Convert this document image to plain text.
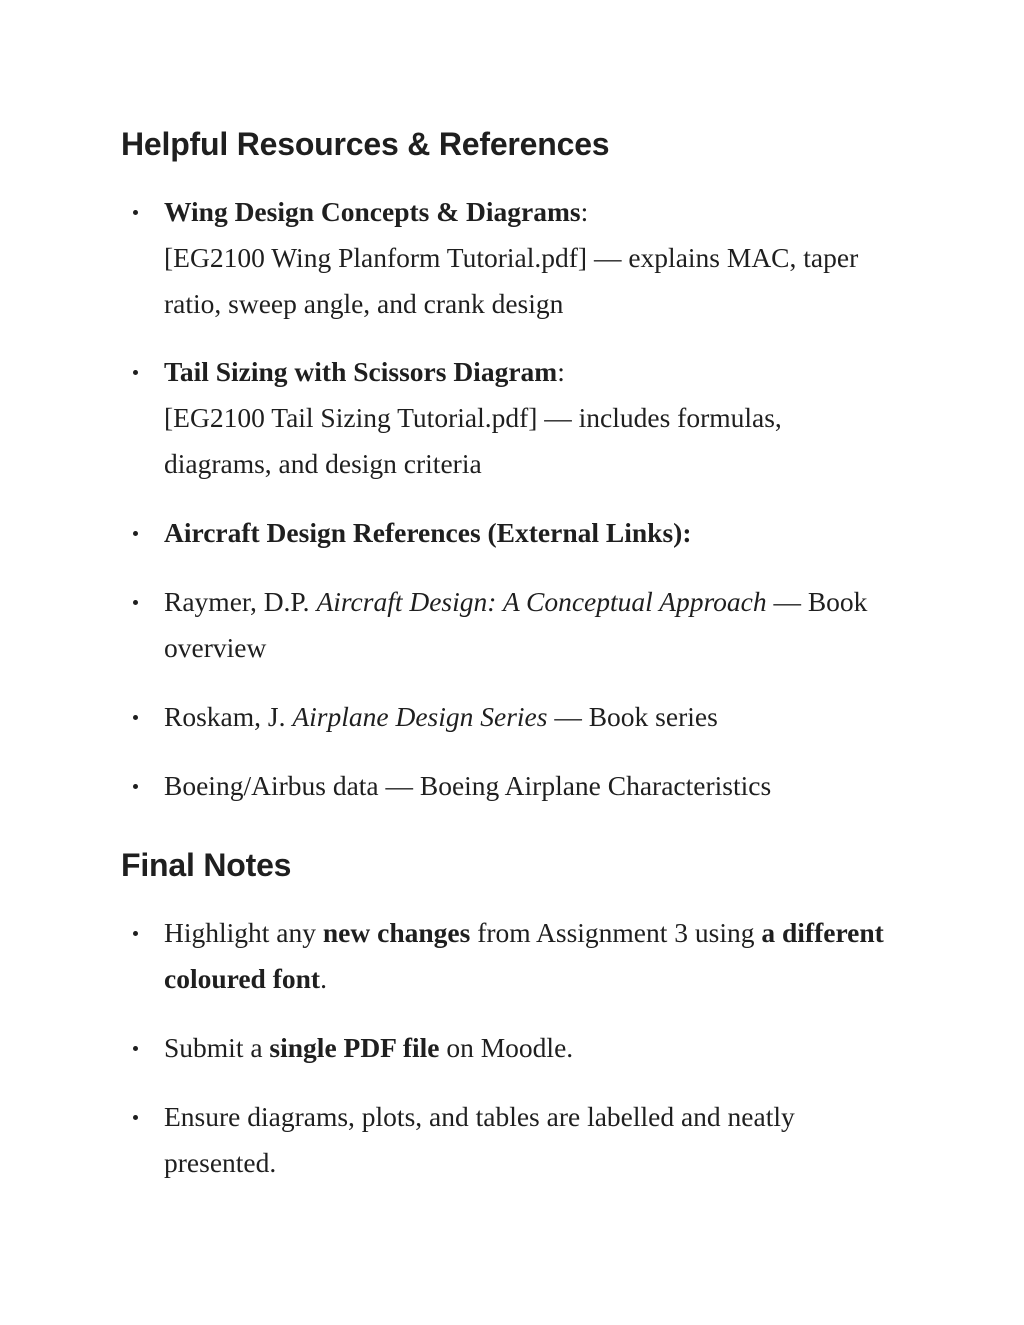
Helpful Resources & References
Wing Design Concepts & Diagrams:
[EG2100 Wing Planform Tutorial.pdf] — explains MAC, taper ratio, sweep angle, and crank design
Tail Sizing with Scissors Diagram:
[EG2100 Tail Sizing Tutorial.pdf] — includes formulas, diagrams, and design criteria
Aircraft Design References (External Links):
Raymer, D.P. Aircraft Design: A Conceptual Approach — Book overview
Roskam, J. Airplane Design Series — Book series
Boeing/Airbus data — Boeing Airplane Characteristics
Final Notes
Highlight any new changes from Assignment 3 using a different coloured font.
Submit a single PDF file on Moodle.
Ensure diagrams, plots, and tables are labelled and neatly presented.
